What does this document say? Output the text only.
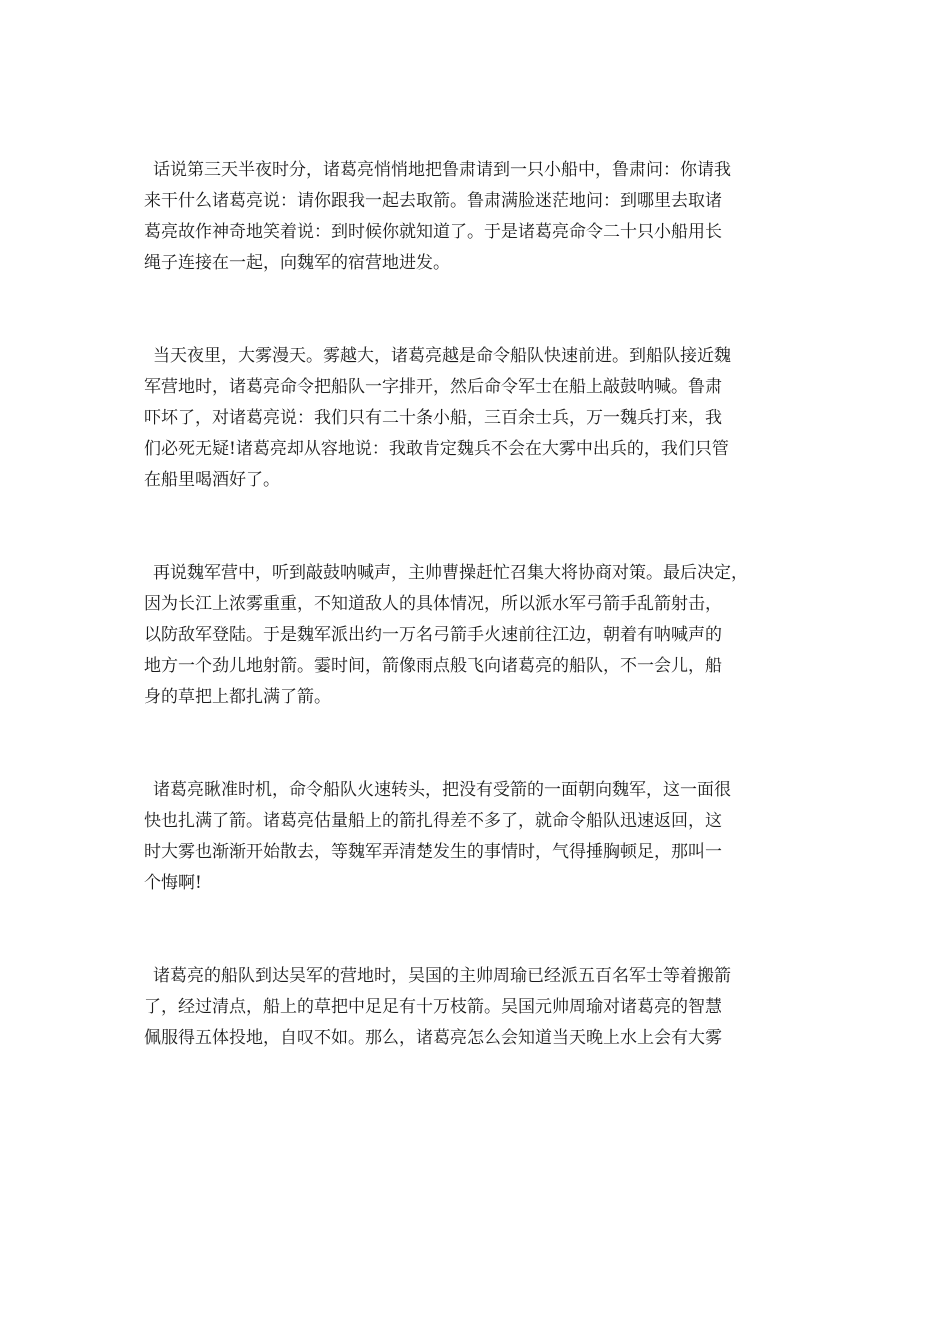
话说第三天半夜时分，诸葛亮悄悄地把鲁肃请到一只小船中，鲁肃问：你请我
来干什么诸葛亮说：请你跟我一起去取箭。鲁肃满脸迷茫地问：到哪里去取诸
葛亮故作神奇地笑着说：到时候你就知道了。于是诸葛亮命令二十只小船用长
绳子连接在一起，向魏军的宿营地进发。

当天夜里，大雾漫天。雾越大，诸葛亮越是命令船队快速前进。到船队接近魏
军营地时，诸葛亮命令把船队一字排开，然后命令军士在船上敲鼓呐喊。鲁肃
吓坏了，对诸葛亮说：我们只有二十条小船，三百余士兵，万一魏兵打来，我
们必死无疑!诸葛亮却从容地说：我敢肯定魏兵不会在大雾中出兵的，我们只管
在船里喝酒好了。

再说魏军营中，听到敲鼓呐喊声，主帅曹操赶忙召集大将协商对策。最后决定，
因为长江上浓雾重重，不知道敌人的具体情况，所以派水军弓箭手乱箭射击，
以防敌军登陆。于是魏军派出约一万名弓箭手火速前往江边，朝着有呐喊声的
地方一个劲儿地射箭。霎时间，箭像雨点般飞向诸葛亮的船队，不一会儿，船
身的草把上都扎满了箭。

诸葛亮瞅准时机，命令船队火速转头，把没有受箭的一面朝向魏军，这一面很
快也扎满了箭。诸葛亮估量船上的箭扎得差不多了，就命令船队迅速返回，这
时大雾也渐渐开始散去，等魏军弄清楚发生的事情时，气得捶胸顿足，那叫一
个悔啊!

诸葛亮的船队到达吴军的营地时，吴国的主帅周瑜已经派五百名军士等着搬箭
了，经过清点，船上的草把中足足有十万枝箭。吴国元帅周瑜对诸葛亮的智慧
佩服得五体投地，自叹不如。那么，诸葛亮怎么会知道当天晚上水上会有大雾
